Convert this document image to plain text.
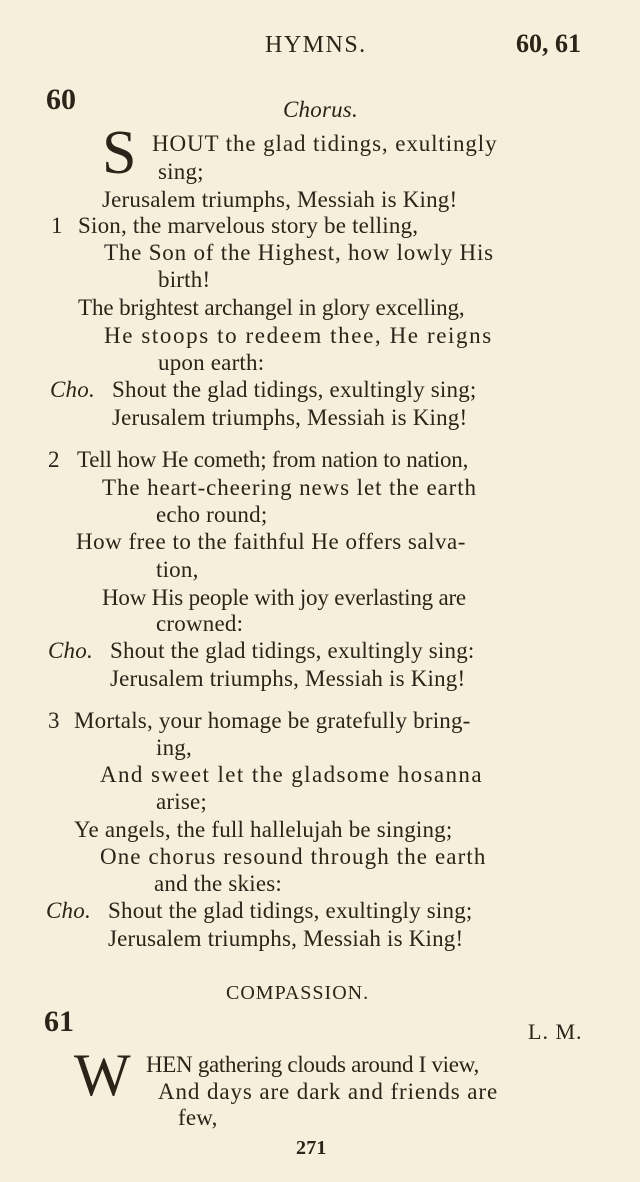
HYMNS.	60, 61
60	Chorus.
S HOUT the glad tidings, exultingly
sing;
Jerusalem triumphs, Messiah is King!
1 Sion, the marvelous story be telling,
The Son of the Highest, how lowly His
birth!
The brightest archangel in glory excelling,
He stoops to redeem thee, He reigns
upon earth:
Cho. Shout the glad tidings, exultingly sing;
Jerusalem triumphs, Messiah is King!
2 Tell how He cometh; from nation to nation,
The heart-cheering news let the earth
echo round;
How free to the faithful He offers salva-
tion,
How His people with joy everlasting are
crowned:
Cho. Shout the glad tidings, exultingly sing:
Jerusalem triumphs, Messiah is King!
3 Mortals, your homage be gratefully bring-
ing,
And sweet let the gladsome hosanna
arise;
Ye angels, the full hallelujah be singing;
One chorus resound through the earth
and the skies:
Cho. Shout the glad tidings, exultingly sing;
Jerusalem triumphs, Messiah is King!
COMPASSION.
61	L. M.
W HEN gathering clouds around I view,
And days are dark and friends are
few,
271
